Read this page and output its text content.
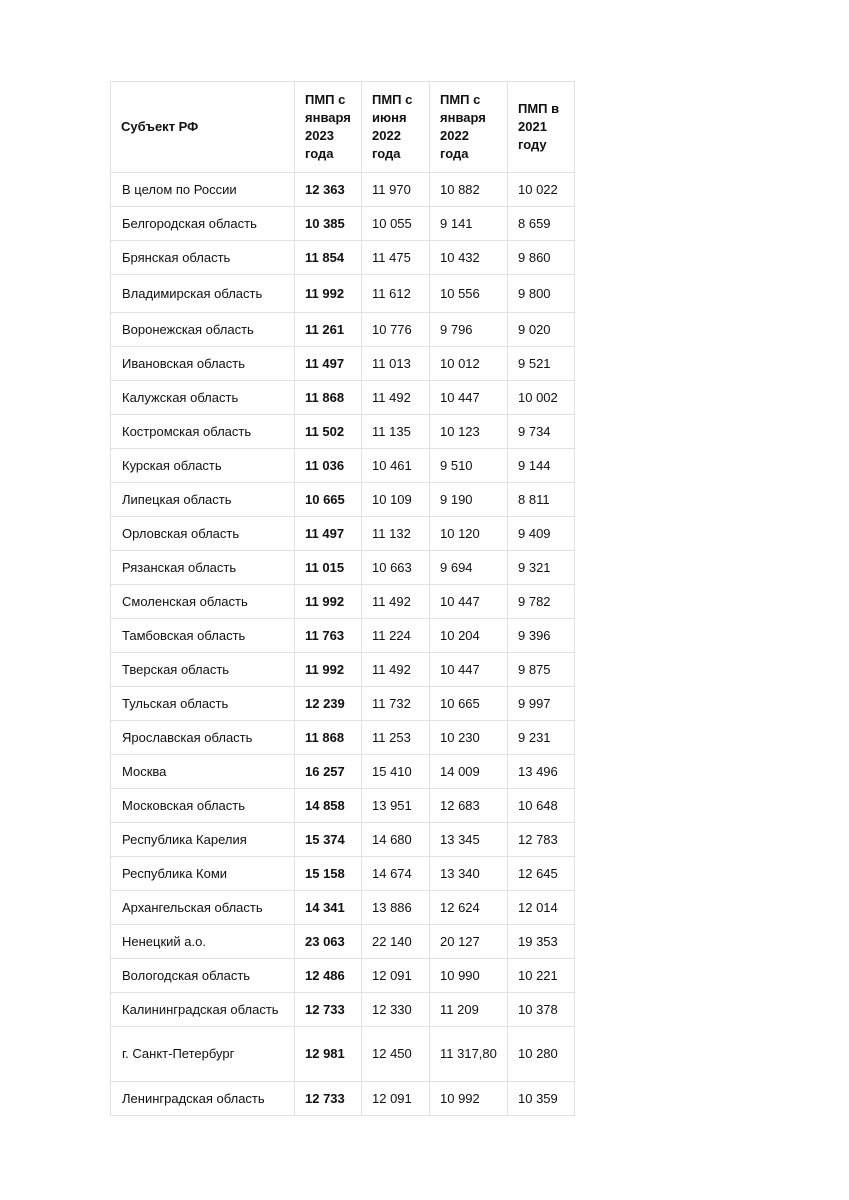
Субъект РФ	ПМП с января 2023 года	ПМП с июня 2022 года	ПМП с января 2022 года	ПМП в 2021 году
В целом по России	12 363	11 970	10 882	10 022
Белгородская область	10 385	10 055	9 141	8 659
Брянская область	11 854	11 475	10 432	9 860
Владимирская область	11 992	11 612	10 556	9 800
Воронежская область	11 261	10 776	9 796	9 020
Ивановская область	11 497	11 013	10 012	9 521
Калужская область	11 868	11 492	10 447	10 002
Костромская область	11 502	11 135	10 123	9 734
Курская область	11 036	10 461	9 510	9 144
Липецкая область	10 665	10 109	9 190	8 811
Орловская область	11 497	11 132	10 120	9 409
Рязанская область	11 015	10 663	9 694	9 321
Смоленская область	11 992	11 492	10 447	9 782
Тамбовская область	11 763	11 224	10 204	9 396
Тверская область	11 992	11 492	10 447	9 875
Тульская область	12 239	11 732	10 665	9 997
Ярославская область	11 868	11 253	10 230	9 231
Москва	16 257	15 410	14 009	13 496
Московская область	14 858	13 951	12 683	10 648
Республика Карелия	15 374	14 680	13 345	12 783
Республика Коми	15 158	14 674	13 340	12 645
Архангельская область	14 341	13 886	12 624	12 014
Ненецкий а.о.	23 063	22 140	20 127	19 353
Вологодская область	12 486	12 091	10 990	10 221
Калининградская область	12 733	12 330	11 209	10 378
г. Санкт-Петербург	12 981	12 450	11 317,80	10 280
Ленинградская область	12 733	12 091	10 992	10 359
